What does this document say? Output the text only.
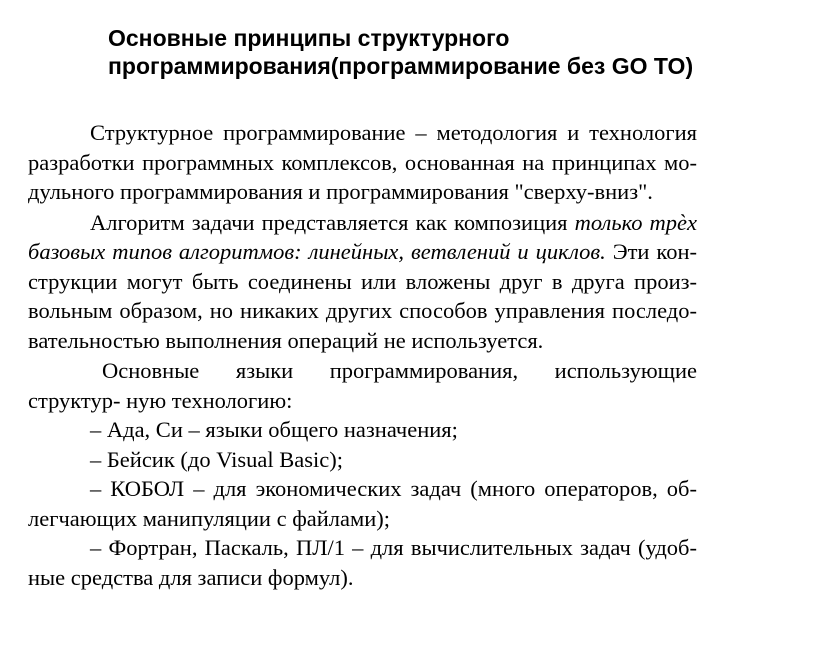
Основные принципы структурного программирования(программирование без GO TO)

Структурное программирование – методология и технология разработки программных комплексов, основанная на принципах мо- дульного программирования и программирования "сверху-вниз".

Алгоритм задачи представляется как композиция только трѐх базовых типов алгоритмов: линейных, ветвлений и циклов. Эти кон- струкции могут быть соединены или вложены друг в друга произ- вольным образом, но никаких других способов управления последо- вательностью выполнения операций не используется.

Основные языки программирования, использующие структур- ную технологию:

– Ада, Си – языки общего назначения;

– Бейсик (до Visual Basic);

– КОБОЛ – для экономических задач (много операторов, об- легчающих манипуляции с файлами);

– Фортран, Паскаль, ПЛ/1 – для вычислительных задач (удоб- ные средства для записи формул).
